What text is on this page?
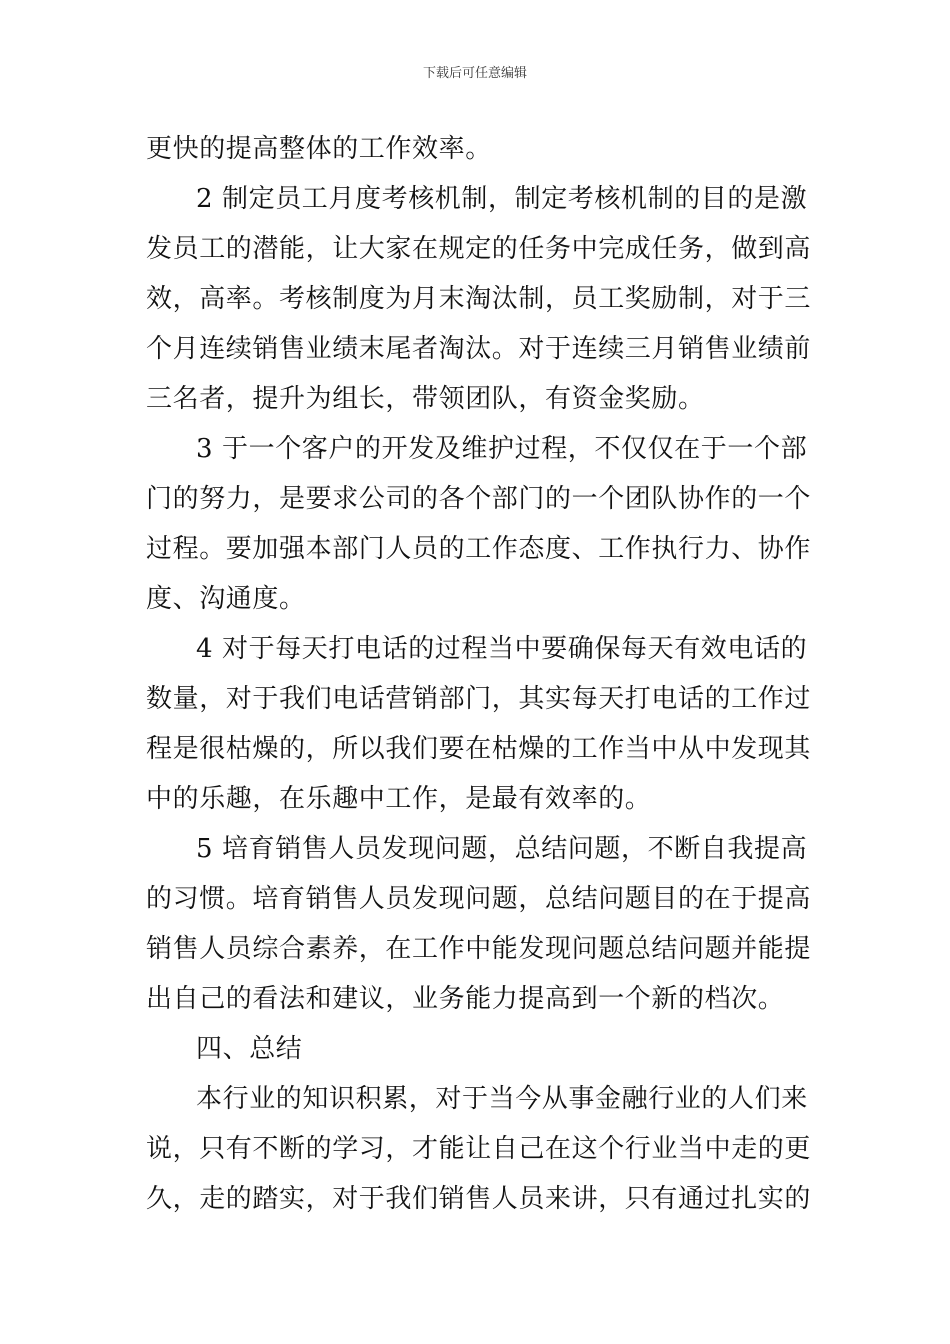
下载后可任意编辑
更快的提高整体的工作效率。
2 制定员工月度考核机制，制定考核机制的目的是激
发员工的潜能，让大家在规定的任务中完成任务，做到高
效，高率。考核制度为月末淘汰制，员工奖励制，对于三
个月连续销售业绩末尾者淘汰。对于连续三月销售业绩前
三名者，提升为组长，带领团队，有资金奖励。
3 于一个客户的开发及维护过程，不仅仅在于一个部
门的努力，是要求公司的各个部门的一个团队协作的一个
过程。要加强本部门人员的工作态度、工作执行力、协作
度、沟通度。
4 对于每天打电话的过程当中要确保每天有效电话的
数量，对于我们电话营销部门，其实每天打电话的工作过
程是很枯燥的，所以我们要在枯燥的工作当中从中发现其
中的乐趣，在乐趣中工作，是最有效率的。
5 培育销售人员发现问题，总结问题，不断自我提高
的习惯。培育销售人员发现问题，总结问题目的在于提高
销售人员综合素养，在工作中能发现问题总结问题并能提
出自己的看法和建议，业务能力提高到一个新的档次。
四、总结
本行业的知识积累，对于当今从事金融行业的人们来
说，只有不断的学习，才能让自己在这个行业当中走的更
久，走的踏实，对于我们销售人员来讲，只有通过扎实的
